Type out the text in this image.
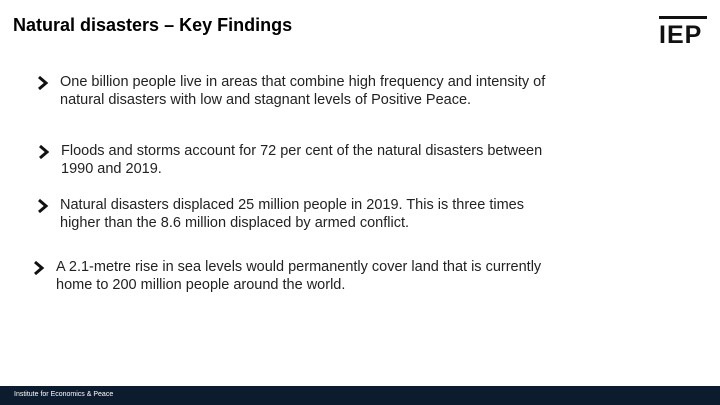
Natural disasters – Key Findings	IEP
One billion people live in areas that combine high frequency and intensity of natural disasters with low and stagnant levels of Positive Peace.
Floods and storms account for 72 per cent of the natural disasters between 1990 and 2019.
Natural disasters displaced 25 million people in 2019. This is three times higher than the 8.6 million displaced by armed conflict.
A 2.1-metre rise in sea levels would permanently cover land that is currently home to 200 million people around the world.
Institute for Economics & Peace
